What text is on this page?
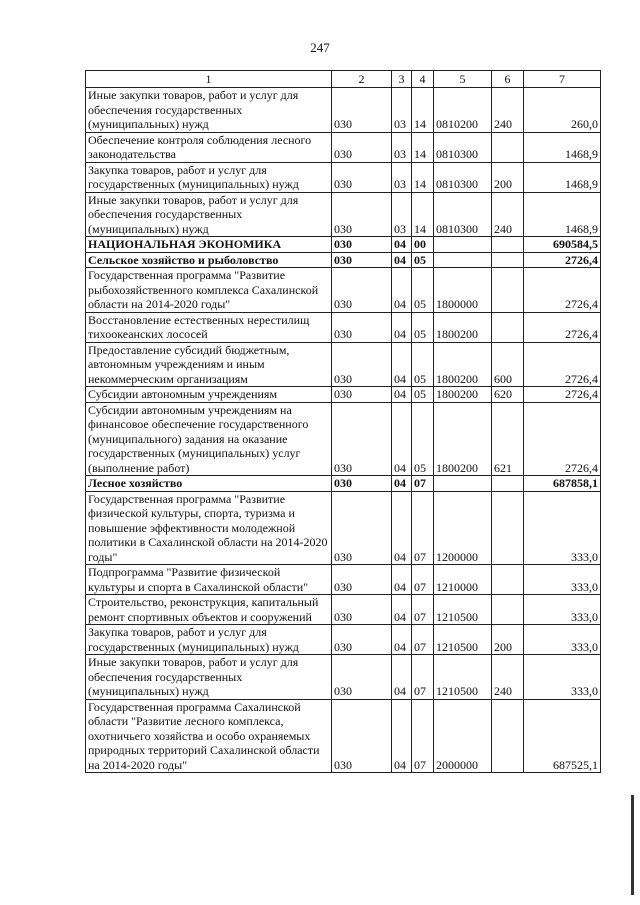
247
1	2	3	4	5	6	7
Иные закупки товаров, работ и услуг для обеспечения государственных (муниципальных) нужд	030	03	14	0810200	240	260,0
Обеспечение контроля соблюдения лесного законодательства	030	03	14	0810300		1468,9
Закупка товаров, работ и услуг для государственных (муниципальных) нужд	030	03	14	0810300	200	1468,9
Иные закупки товаров, работ и услуг для обеспечения государственных (муниципальных) нужд	030	03	14	0810300	240	1468,9
НАЦИОНАЛЬНАЯ ЭКОНОМИКА	030	04	00			690584,5
Сельское хозяйство и рыболовство	030	04	05			2726,4
Государственная программа "Развитие рыбохозяйственного комплекса Сахалинской области на 2014-2020 годы"	030	04	05	1800000		2726,4
Восстановление естественных нерестилищ тихоокеанских лососей	030	04	05	1800200		2726,4
Предоставление субсидий бюджетным, автономным учреждениям и иным некоммерческим организациям	030	04	05	1800200	600	2726,4
Субсидии автономным учреждениям	030	04	05	1800200	620	2726,4
Субсидии автономным учреждениям на финансовое обеспечение государственного (муниципального) задания на оказание государственных (муниципальных) услуг (выполнение работ)	030	04	05	1800200	621	2726,4
Лесное хозяйство	030	04	07			687858,1
Государственная программа "Развитие физической культуры, спорта, туризма и повышение эффективности молодежной политики в Сахалинской области на 2014-2020 годы"	030	04	07	1200000		333,0
Подпрограмма "Развитие физической культуры и спорта в Сахалинской области"	030	04	07	1210000		333,0
Строительство, реконструкция, капитальный ремонт спортивных объектов и сооружений	030	04	07	1210500		333,0
Закупка товаров, работ и услуг для государственных (муниципальных) нужд	030	04	07	1210500	200	333,0
Иные закупки товаров, работ и услуг для обеспечения государственных (муниципальных) нужд	030	04	07	1210500	240	333,0
Государственная программа Сахалинской области "Развитие лесного комплекса, охотничьего хозяйства и особо охраняемых природных территорий Сахалинской области на 2014-2020 годы"	030	04	07	2000000		687525,1
